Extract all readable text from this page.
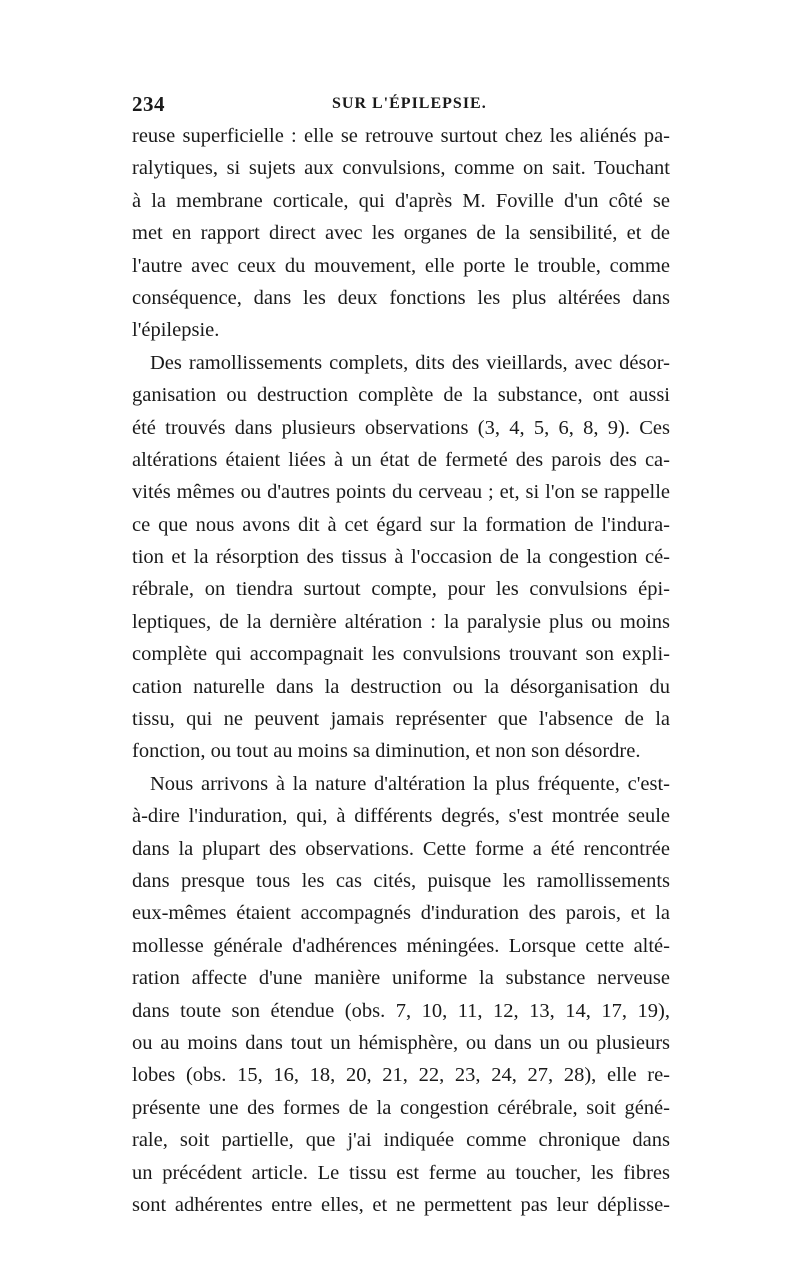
234	SUR L'ÉPILEPSIE.
reuse superficielle : elle se retrouve surtout chez les aliénés pa-
ralytiques, si sujets aux convulsions, comme on sait. Touchant
à la membrane corticale, qui d'après M. Foville d'un côté se
met en rapport direct avec les organes de la sensibilité, et de
l'autre avec ceux du mouvement, elle porte le trouble, comme
conséquence, dans les deux fonctions les plus altérées dans
l'épilepsie.
Des ramollissements complets, dits des vieillards, avec désor-
ganisation ou destruction complète de la substance, ont aussi
été trouvés dans plusieurs observations (3, 4, 5, 6, 8, 9). Ces
altérations étaient liées à un état de fermeté des parois des ca-
vités mêmes ou d'autres points du cerveau ; et, si l'on se rappelle
ce que nous avons dit à cet égard sur la formation de l'indura-
tion et la résorption des tissus à l'occasion de la congestion cé-
rébrale, on tiendra surtout compte, pour les convulsions épi-
leptiques, de la dernière altération : la paralysie plus ou moins
complète qui accompagnait les convulsions trouvant son expli-
cation naturelle dans la destruction ou la désorganisation du
tissu, qui ne peuvent jamais représenter que l'absence de la
fonction, ou tout au moins sa diminution, et non son désordre.
Nous arrivons à la nature d'altération la plus fréquente, c'est-
à-dire l'induration, qui, à différents degrés, s'est montrée seule
dans la plupart des observations. Cette forme a été rencontrée
dans presque tous les cas cités, puisque les ramollissements
eux-mêmes étaient accompagnés d'induration des parois, et la
mollesse générale d'adhérences méningées. Lorsque cette alté-
ration affecte d'une manière uniforme la substance nerveuse
dans toute son étendue (obs. 7, 10, 11, 12, 13, 14, 17, 19),
ou au moins dans tout un hémisphère, ou dans un ou plusieurs
lobes (obs. 15, 16, 18, 20, 21, 22, 23, 24, 27, 28), elle re-
présente une des formes de la congestion cérébrale, soit géné-
rale, soit partielle, que j'ai indiquée comme chronique dans
un précédent article. Le tissu est ferme au toucher, les fibres
sont adhérentes entre elles, et ne permettent pas leur déplisse-
